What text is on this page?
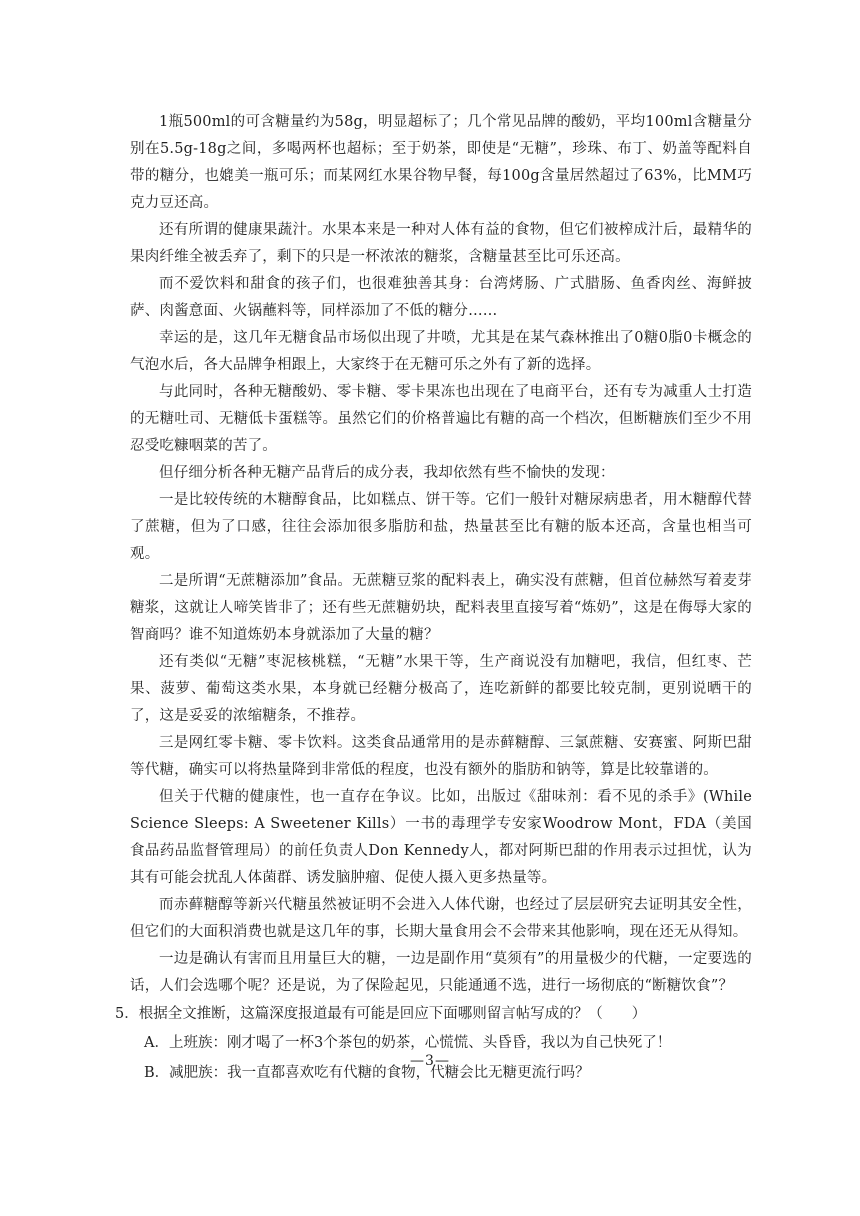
1瓶500ml的可含糖量约为58g，明显超标了；几个常见品牌的酸奶，平均100ml含糖量分别在5.5g-18g之间，多喝两杯也超标；至于奶茶，即使是“无糖”，珍珠、布丁、奶盖等配料自带的糖分，也媲美一瓶可乐；而某网红水果谷物早餐，每100g含量居然超过了63%，比MM巧克力豆还高。

还有所谓的健康果蔬汁。水果本来是一种对人体有益的食物，但它们被榨成汁后，最精华的果肉纤维全被丢弃了，剩下的只是一杯浓浓的糖浆，含糖量甚至比可乐还高。

而不爱饮料和甜食的孩子们，也很难独善其身：台湾烤肠、广式腊肠、鱼香肉丝、海鲜披萨、肉酱意面、火锅蘸料等，同样添加了不低的糖分……

幸运的是，这几年无糖食品市场似出现了井喷，尤其是在某气森林推出了0糖0脂0卡概念的气泡水后，各大品牌争相跟上，大家终于在无糖可乐之外有了新的选择。

与此同时，各种无糖酸奶、零卡糖、零卡果冻也出现在了电商平台，还有专为减重人士打造的无糖吐司、无糖低卡蛋糕等。虽然它们的价格普遍比有糖的高一个档次，但断糖族们至少不用忍受吃糠咽菜的苦了。

但仔细分析各种无糖产品背后的成分表，我却依然有些不愉快的发现：

一是比较传统的木糖醇食品，比如糕点、饼干等。它们一般针对糖尿病患者，用木糖醇代替了蔗糖，但为了口感，往往会添加很多脂肪和盐，热量甚至比有糖的版本还高，含量也相当可观。

二是所谓“无蔗糖添加”食品。无蔗糖豆浆的配料表上，确实没有蔗糖，但首位赫然写着麦芽糖浆，这就让人啼笑皆非了；还有些无蔗糖奶块，配料表里直接写着“炼奶”，这是在侮辱大家的智商吗？谁不知道炼奶本身就添加了大量的糖？

还有类似“无糖”枣泥核桃糕，“无糖”水果干等，生产商说没有加糖吧，我信，但红枣、芒果、菠萝、葡萄这类水果，本身就已经糖分极高了，连吃新鲜的都要比较克制，更别说晒干的了，这是妥妥的浓缩糖条，不推荐。

三是网红零卡糖、零卡饮料。这类食品通常用的是赤藓糖醇、三氯蔗糖、安赛蜜、阿斯巴甜等代糖，确实可以将热量降到非常低的程度，也没有额外的脂肪和钠等，算是比较靠谱的。

但关于代糖的健康性，也一直存在争议。比如，出版过《甜味剂：看不见的杀手》(While Science Sleeps: A Sweetener Kills）一书的毒理学专安家Woodrow Mont，FDA（美国食品药品监督管理局）的前任负责人Don Kennedy人，都对阿斯巴甜的作用表示过担忧，认为其有可能会扰乱人体菌群、诱发脑肿瘤、促使人摄入更多热量等。

而赤藓糖醇等新兴代糖虽然被证明不会进入人体代谢，也经过了层层研究去证明其安全性，但它们的大面积消费也就是这几年的事，长期大量食用会不会带来其他影响，现在还无从得知。

一边是确认有害而且用量巨大的糖，一边是副作用“莫须有”的用量极少的代糖，一定要选的话，人们会选哪个呢？还是说，为了保险起见，只能通通不选，进行一场彻底的“断糖饮食”？

5．根据全文推断，这篇深度报道最有可能是回应下面哪则留言帖写成的？（　　）

A．上班族：刚才喝了一杯3个茶包的奶茶，心慌慌、头昏昏，我以为自己快死了！

B．减肥族：我一直都喜欢吃有代糖的食物，代糖会比无糖更流行吗？

—3—
